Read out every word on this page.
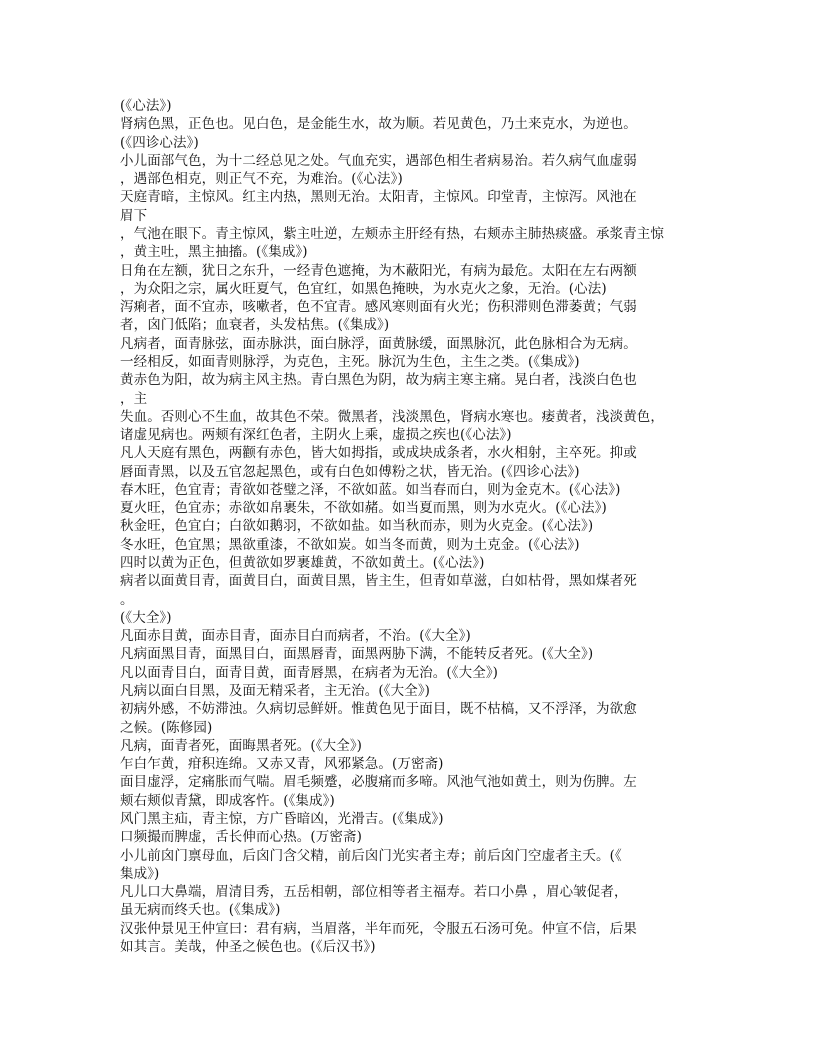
(《心法》)
肾病色黑，正色也。见白色，是金能生水，故为顺。若见黄色，乃土来克水，为逆也。
(《四诊心法》)
小儿面部气色，为十二经总见之处。气血充实，遇部色相生者病易治。若久病气血虚弱
，遇部色相克，则正气不充，为难治。(《心法》)
天庭青暗，主惊风。红主内热，黑则无治。太阳青，主惊风。印堂青，主惊泻。风池在
眉下
，气池在眼下。青主惊风，紫主吐逆，左颊赤主肝经有热，右颊赤主肺热痰盛。承浆青主惊
，黄主吐，黑主抽搐。(《集成》)
日角在左额，犹日之东升，一经青色遮掩，为木蔽阳光，有病为最危。太阳在左右两额
，为众阳之宗，属火旺夏气，色宜红，如黑色掩映，为水克火之象，无治。(心法)
泻痢者，面不宜赤，咳嗽者，色不宜青。感风寒则面有火光；伤积滞则色滞萎黄；气弱
者，囟门低陷；血衰者，头发枯焦。(《集成》)
凡病者，面青脉弦，面赤脉洪，面白脉浮，面黄脉缓，面黑脉沉，此色脉相合为无病。
一经相反，如面青则脉浮，为克色，主死。脉沉为生色，主生之类。(《集成》)
黄赤色为阳，故为病主风主热。青白黑色为阴，故为病主寒主痛。晃白者，浅淡白色也
，主
失血。否则心不生血，故其色不荣。微黑者，浅淡黑色，肾病水寒也。痿黄者，浅淡黄色，
诸虚见病也。两颊有深红色者，主阴火上乘，虚损之疾也(《心法》)
凡人天庭有黑色，两颧有赤色，皆大如拇指，或成块成条者，水火相射，主卒死。抑或
唇面青黑，以及五官忽起黑色，或有白色如傅粉之状，皆无治。(《四诊心法》)
春木旺，色宜青；青欲如苍璧之泽，不欲如蓝。如当春而白，则为金克木。(《心法》)
夏火旺，色宜赤；赤欲如帛裹朱，不欲如赭。如当夏而黑，则为水克火。(《心法》)
秋金旺，色宜白；白欲如鹅羽，不欲如盐。如当秋而赤，则为火克金。(《心法》)
冬水旺，色宜黑；黑欲重漆，不欲如炭。如当冬而黄，则为土克金。(《心法》)
四时以黄为正色，但黄欲如罗裹雄黄，不欲如黄土。(《心法》)
病者以面黄目青，面黄目白，面黄目黑，皆主生，但青如草滋，白如枯骨，黑如煤者死
。
(《大全》)
凡面赤目黄，面赤目青，面赤目白而病者，不治。(《大全》)
凡病面黑目青，面黑目白，面黑唇青，面黑两胁下满，不能转反者死。(《大全》)
凡以面青目白，面青目黄，面青唇黑，在病者为无治。(《大全》)
凡病以面白目黑，及面无精采者，主无治。(《大全》)
初病外感，不妨滞浊。久病切忌鲜妍。惟黄色见于面目，既不枯槁，又不浮泽，为欲愈
之候。(陈修园)
凡病，面青者死，面晦黑者死。(《大全》)
乍白乍黄，疳积连绵。又赤又青，风邪紧急。(万密斋)
面目虚浮，定痛胀而气喘。眉毛频蹙，必腹痛而多啼。风池气池如黄土，则为伤脾。左
颊右颊似青黛，即成客忤。(《集成》)
风门黑主疝，青主惊，方广昏暗凶，光滑吉。(《集成》)
口频撮而脾虚，舌长伸而心热。(万密斋)
小儿前囟门禀母血，后囟门含父精，前后囟门光实者主寿；前后囟门空虚者主夭。(《
集成》)
凡儿口大鼻端，眉清目秀，五岳相朝，部位相等者主福寿。若口小鼻 ，眉心皱促者，
虽无病而终夭也。(《集成》)
汉张仲景见王仲宣曰：君有病，当眉落，半年而死，令服五石汤可免。仲宣不信，后果
如其言。美哉，仲圣之候色也。(《后汉书》)
